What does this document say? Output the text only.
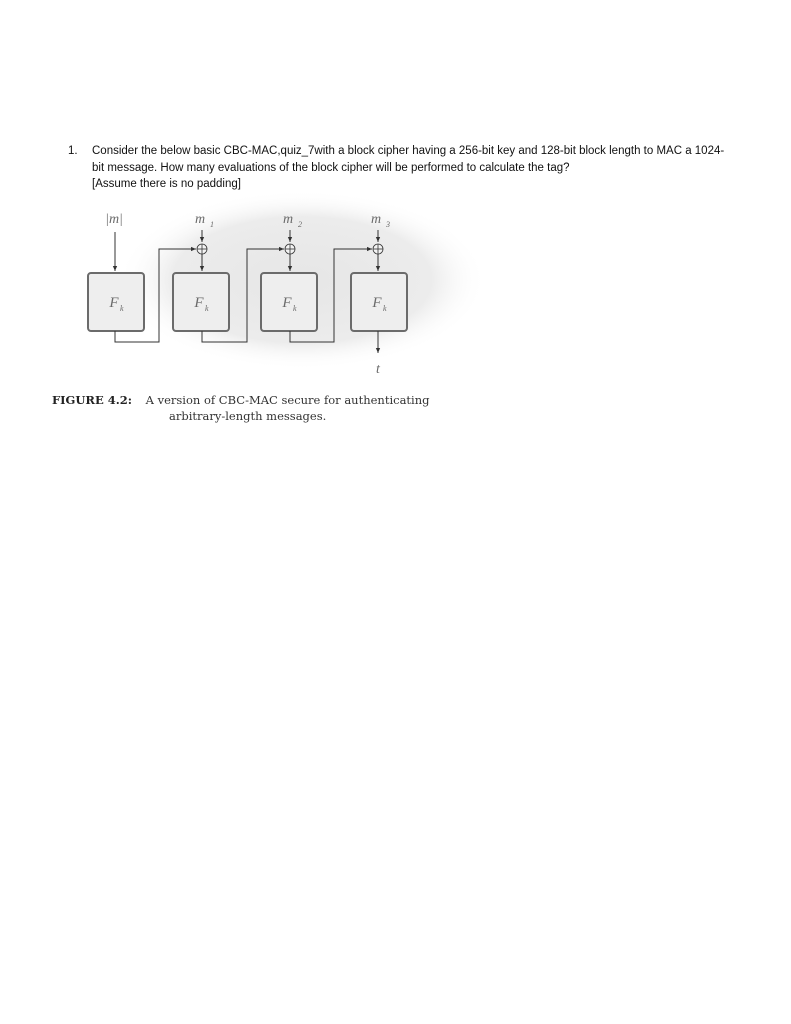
1. Consider the below basic CBC-MAC,quiz_7with a block cipher having a 256-bit key and 128-bit block length to MAC a 1024-
bit message. How many evaluations of the block cipher will be performed to calculate the tag?
[Assume there is no padding]
|m|	m 1	m 2	m 3
F k	F k	F k	F k
t
FIGURE 4.2: A version of CBC-MAC secure for authenticating
arbitrary-length messages.
